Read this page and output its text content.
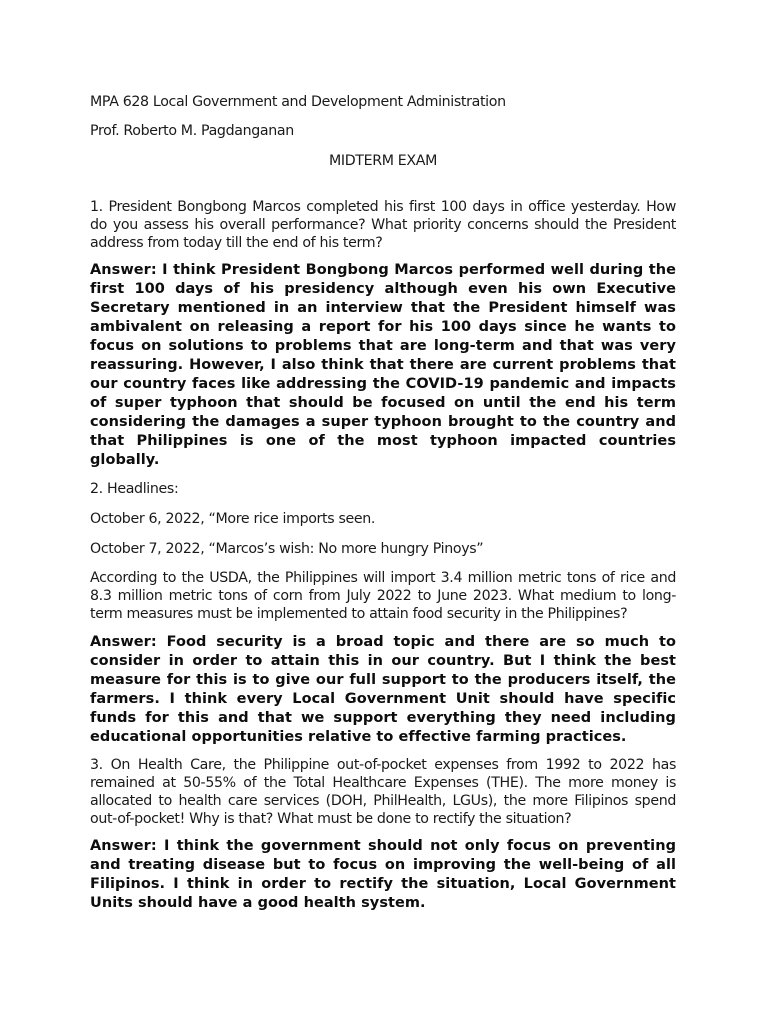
MPA 628 Local Government and Development Administration

Prof. Roberto M. Pagdanganan

MIDTERM EXAM

1. President Bongbong Marcos completed his first 100 days in office yesterday. How do you assess his overall performance? What priority concerns should the President address from today till the end of his term?

Answer: I think President Bongbong Marcos performed well during the first 100 days of his presidency although even his own Executive Secretary mentioned in an interview that the President himself was ambivalent on releasing a report for his 100 days since he wants to focus on solutions to problems that are long-term and that was very reassuring. However, I also think that there are current problems that our country faces like addressing the COVID-19 pandemic and impacts of super typhoon that should be focused on until the end his term considering the damages a super typhoon brought to the country and that Philippines is one of the most typhoon impacted countries globally.

2. Headlines:

October 6, 2022, “More rice imports seen.

October 7, 2022, “Marcos’s wish: No more hungry Pinoys”

According to the USDA, the Philippines will import 3.4 million metric tons of rice and 8.3 million metric tons of corn from July 2022 to June 2023. What medium to long-term measures must be implemented to attain food security in the Philippines?

Answer: Food security is a broad topic and there are so much to consider in order to attain this in our country. But I think the best measure for this is to give our full support to the producers itself, the farmers. I think every Local Government Unit should have specific funds for this and that we support everything they need including educational opportunities relative to effective farming practices.

3. On Health Care, the Philippine out-of-pocket expenses from 1992 to 2022 has remained at 50-55% of the Total Healthcare Expenses (THE). The more money is allocated to health care services (DOH, PhilHealth, LGUs), the more Filipinos spend out-of-pocket! Why is that? What must be done to rectify the situation?

Answer: I think the government should not only focus on preventing and treating disease but to focus on improving the well-being of all Filipinos. I think in order to rectify the situation, Local Government Units should have a good health system.
